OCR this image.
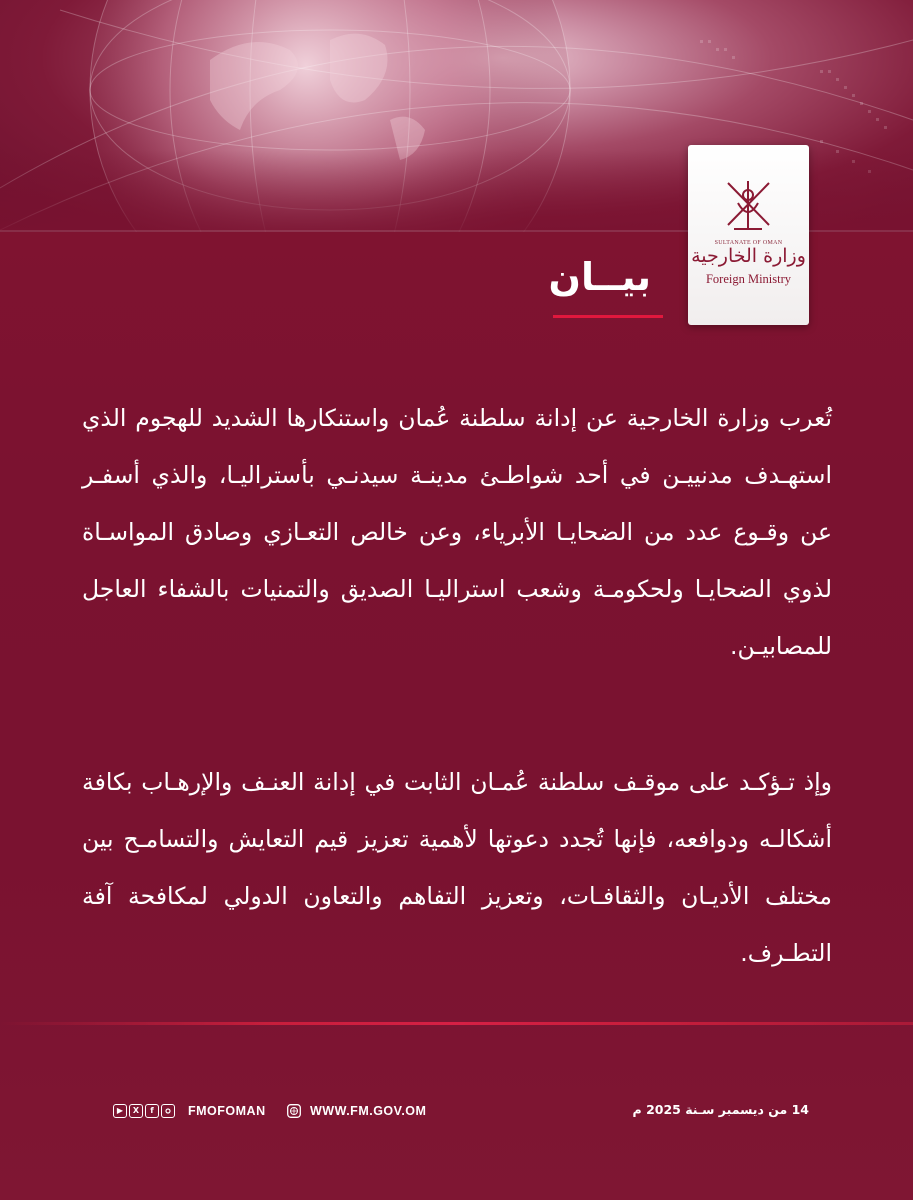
SULTANATE OF OMAN
وزارة الخارجية
Foreign Ministry
بيــان
تُعرب وزارة الخارجية عن إدانة سلطنة عُمان واستنكارها الشديد للهجوم الذي استهـدف مدنييـن في أحد شواطـئ مدينـة سيدنـي بأستراليـا، والذي أسفـر عن وقـوع عدد من الضحايـا الأبرياء، وعن خالص التعـازي وصادق المواسـاة لذوي الضحايـا ولحكومـة وشعب استراليـا الصديق والتمنيات بالشفاء العاجل للمصابيـن.
وإذ تـؤكـد على موقـف سلطنة عُمـان الثابت في إدانة العنـف والإرهـاب بكافة أشكالـه ودوافعه، فإنها تُجدد دعوتها لأهمية تعزيز قيم التعايش والتسامـح بين مختلف الأديـان والثقافـات، وتعزيز التفاهم والتعاون الدولي لمكافحة آفة التطـرف.
▶	X	f	FMOFOMAN	WWW.FM.GOV.OM	14 من ديسمبر سـنة 2025 م
